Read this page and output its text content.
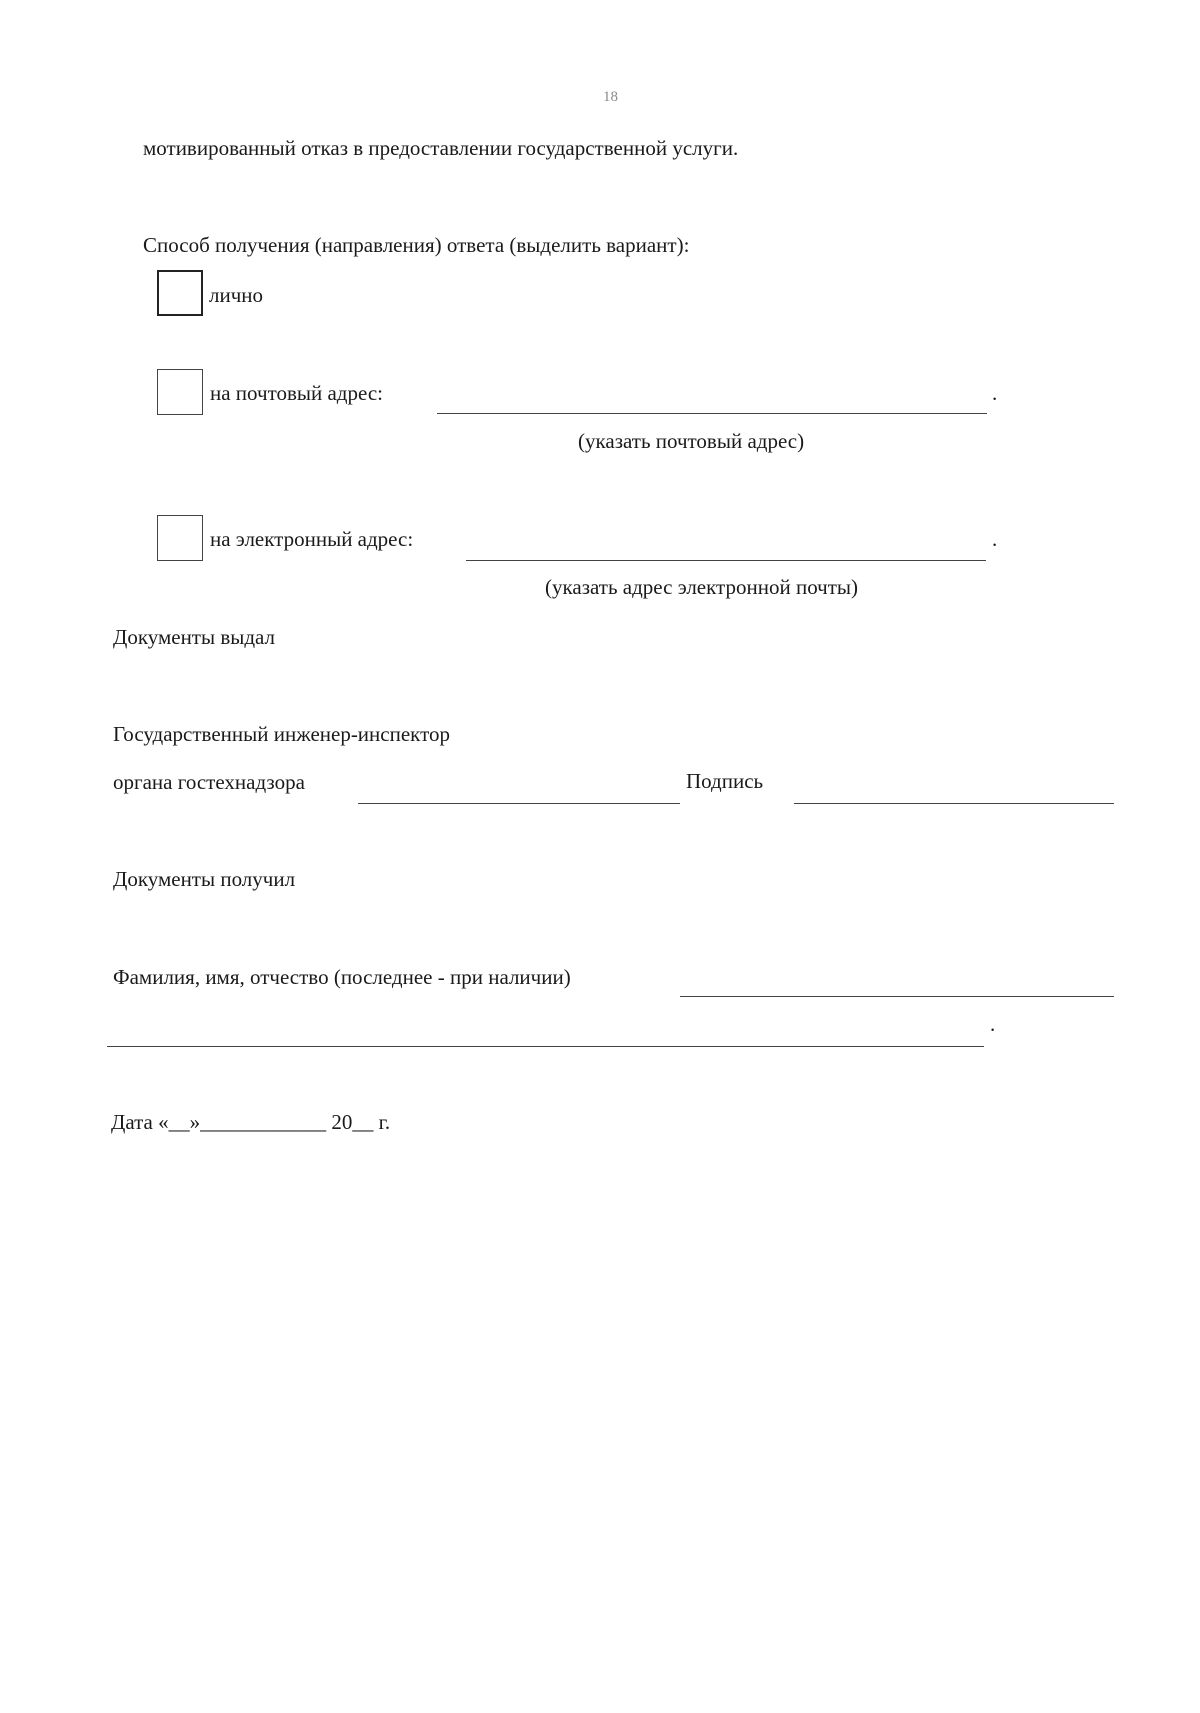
18
мотивированный отказ в предоставлении государственной услуги.
Способ получения (направления) ответа (выделить вариант):
лично
на почтовый адрес:	.
(указать почтовый адрес)
на электронный адрес:	.
(указать адрес электронной почты)
Документы выдал
Государственный инженер-инспектор
органа гостехнадзора	Подпись
Документы получил
Фамилия, имя, отчество (последнее - при наличии)
.
Дата «__»____________ 20__ г.
